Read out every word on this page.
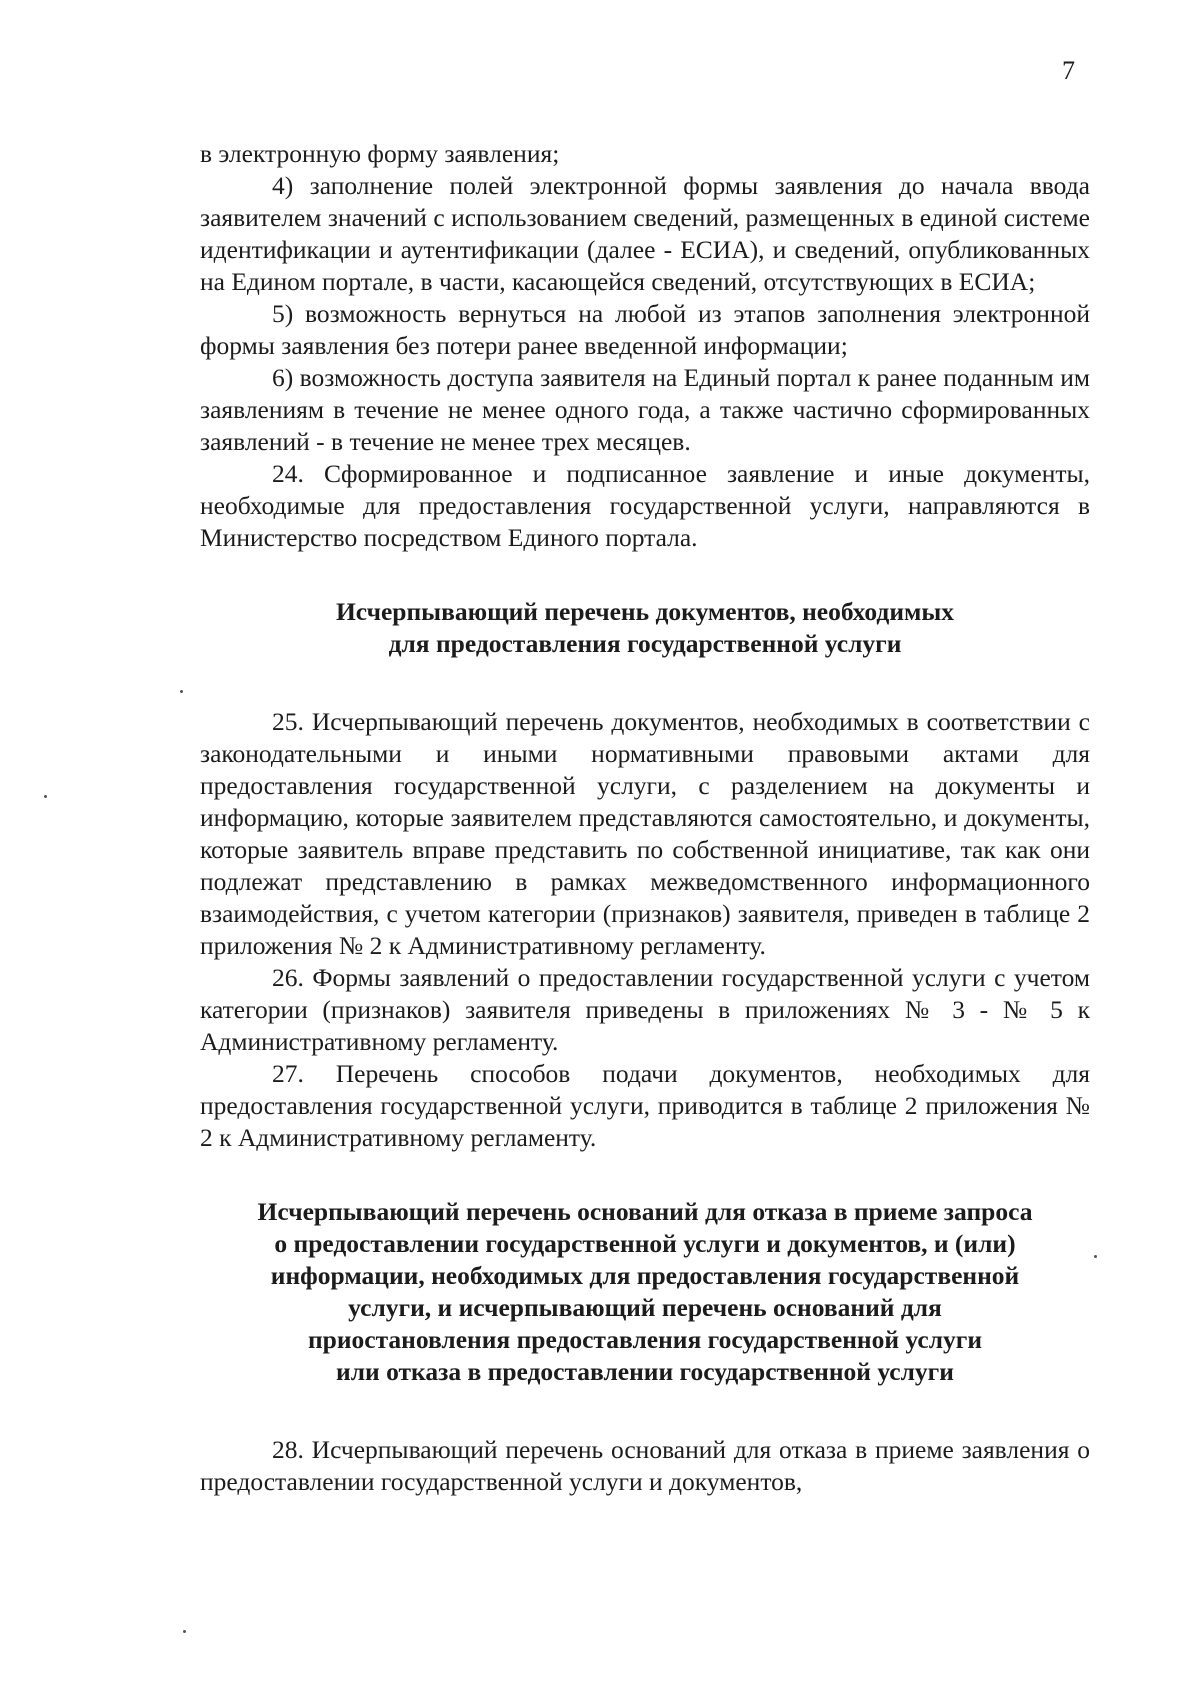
7

в электронную форму заявления;

4) заполнение полей электронной формы заявления до начала ввода заявителем значений с использованием сведений, размещенных в единой системе идентификации и аутентификации (далее - ЕСИА), и сведений, опубликованных на Едином портале, в части, касающейся сведений, отсутствующих в ЕСИА;

5) возможность вернуться на любой из этапов заполнения электронной формы заявления без потери ранее введенной информации;

6) возможность доступа заявителя на Единый портал к ранее поданным им заявлениям в течение не менее одного года, а также частично сформированных заявлений - в течение не менее трех месяцев.

24. Сформированное и подписанное заявление и иные документы, необходимые для предоставления государственной услуги, направляются в Министерство посредством Единого портала.

Исчерпывающий перечень документов, необходимых
для предоставления государственной услуги

25. Исчерпывающий перечень документов, необходимых в соответствии с законодательными и иными нормативными правовыми актами для предоставления государственной услуги, с разделением на документы и информацию, которые заявителем представляются самостоятельно, и документы, которые заявитель вправе представить по собственной инициативе, так как они подлежат представлению в рамках межведомственного информационного взаимодействия, с учетом категории (признаков) заявителя, приведен в таблице 2 приложения № 2 к Административному регламенту.

26. Формы заявлений о предоставлении государственной услуги с учетом категории (признаков) заявителя приведены в приложениях № 3 - № 5 к Административному регламенту.

27. Перечень способов подачи документов, необходимых для предоставления государственной услуги, приводится в таблице 2 приложения № 2 к Административному регламенту.

Исчерпывающий перечень оснований для отказа в приеме запроса
о предоставлении государственной услуги и документов, и (или)
информации, необходимых для предоставления государственной
услуги, и исчерпывающий перечень оснований для
приостановления предоставления государственной услуги
или отказа в предоставлении государственной услуги

28. Исчерпывающий перечень оснований для отказа в приеме заявления о предоставлении государственной услуги и документов,
